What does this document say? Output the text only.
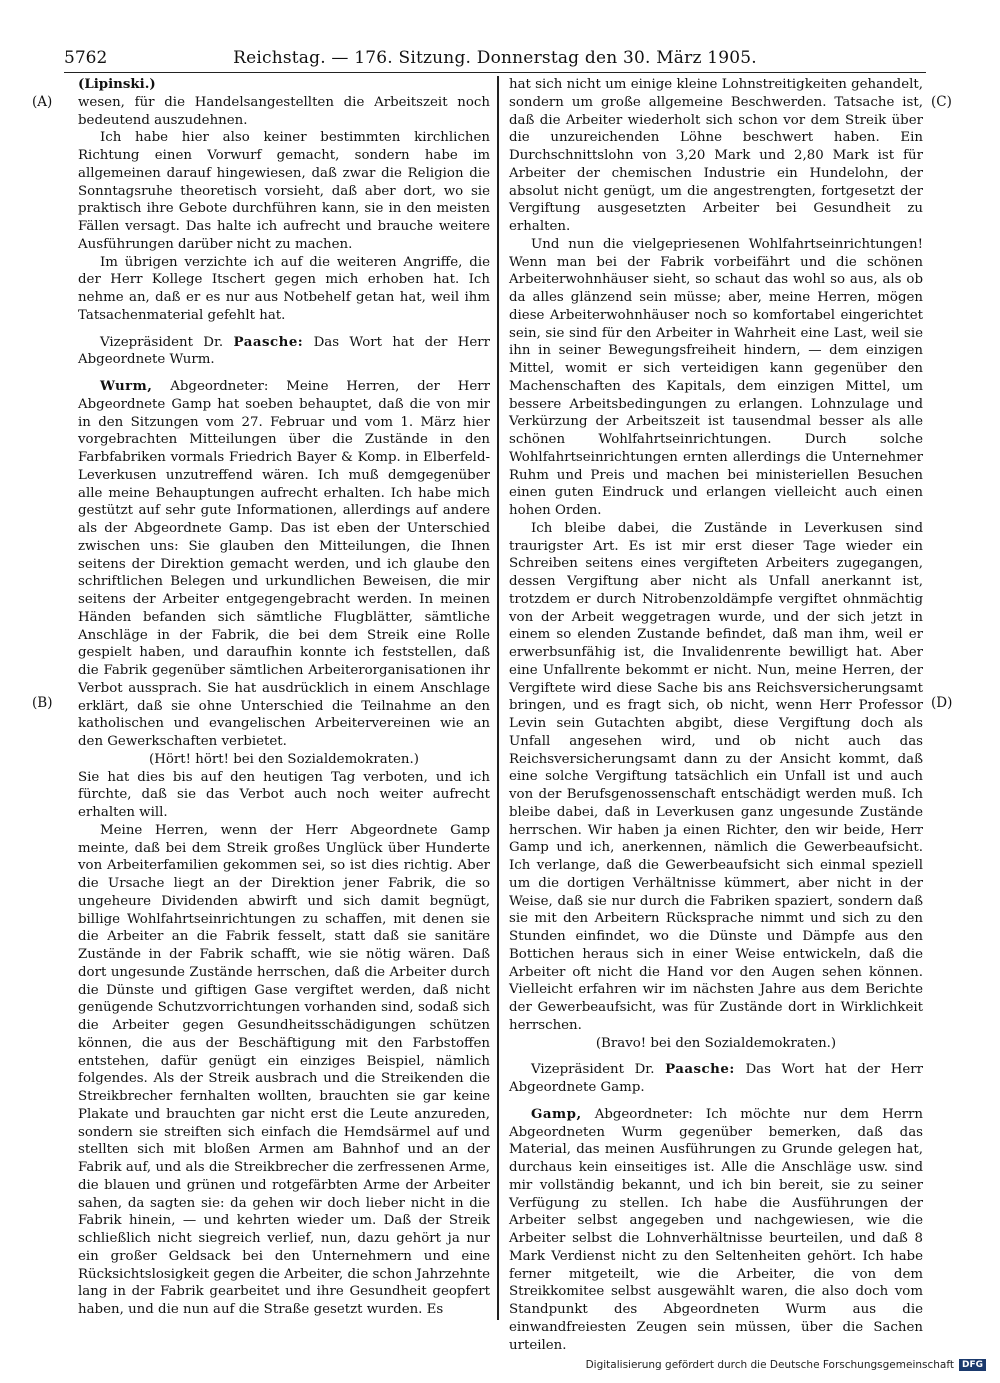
5762	Reichstag. — 176. Sitzung. Donnerstag den 30. März 1905.
(A)
(B)
(C)
(D)

(Lipinski.)

wesen, für die Handelsangestellten die Arbeitszeit noch bedeutend auszudehnen.

Ich habe hier also keiner bestimmten kirchlichen Richtung einen Vorwurf gemacht, sondern habe im allgemeinen darauf hingewiesen, daß zwar die Religion die Sonntagsruhe theoretisch vorsieht, daß aber dort, wo sie praktisch ihre Gebote durchführen kann, sie in den meisten Fällen versagt. Das halte ich aufrecht und brauche weitere Ausführungen darüber nicht zu machen.

Im übrigen verzichte ich auf die weiteren Angriffe, die der Herr Kollege Itschert gegen mich erhoben hat. Ich nehme an, daß er es nur aus Notbehelf getan hat, weil ihm Tatsachenmaterial gefehlt hat.

Vizepräsident Dr. Paasche: Das Wort hat der Herr Abgeordnete Wurm.

Wurm, Abgeordneter: Meine Herren, der Herr Abgeordnete Gamp hat soeben behauptet, daß die von mir in den Sitzungen vom 27. Februar und vom 1. März hier vorgebrachten Mitteilungen über die Zustände in den Farbfabriken vormals Friedrich Bayer & Komp. in Elberfeld-Leverkusen unzutreffend wären. Ich muß demgegenüber alle meine Behauptungen aufrecht erhalten. Ich habe mich gestützt auf sehr gute Informationen, allerdings auf andere als der Abgeordnete Gamp. Das ist eben der Unterschied zwischen uns: Sie glauben den Mitteilungen, die Ihnen seitens der Direktion gemacht werden, und ich glaube den schriftlichen Belegen und urkundlichen Beweisen, die mir seitens der Arbeiter entgegengebracht werden. In meinen Händen befanden sich sämtliche Flugblätter, sämtliche Anschläge in der Fabrik, die bei dem Streik eine Rolle gespielt haben, und daraufhin konnte ich feststellen, daß die Fabrik gegenüber sämtlichen Arbeiterorganisationen ihr Verbot aussprach. Sie hat ausdrücklich in einem Anschlage erklärt, daß sie ohne Unterschied die Teilnahme an den katholischen und evangelischen Arbeitervereinen wie an den Gewerkschaften verbietet.

(Hört! hört! bei den Sozialdemokraten.)

Sie hat dies bis auf den heutigen Tag verboten, und ich fürchte, daß sie das Verbot auch noch weiter aufrecht erhalten will.

Meine Herren, wenn der Herr Abgeordnete Gamp meinte, daß bei dem Streik großes Unglück über Hunderte von Arbeiterfamilien gekommen sei, so ist dies richtig. Aber die Ursache liegt an der Direktion jener Fabrik, die so ungeheure Dividenden abwirft und sich damit begnügt, billige Wohlfahrtseinrichtungen zu schaffen, mit denen sie die Arbeiter an die Fabrik fesselt, statt daß sie sanitäre Zustände in der Fabrik schafft, wie sie nötig wären. Daß dort ungesunde Zustände herrschen, daß die Arbeiter durch die Dünste und giftigen Gase vergiftet werden, daß nicht genügende Schutzvorrichtungen vorhanden sind, sodaß sich die Arbeiter gegen Gesundheitsschädigungen schützen können, die aus der Beschäftigung mit den Farbstoffen entstehen, dafür genügt ein einziges Beispiel, nämlich folgendes. Als der Streik ausbrach und die Streikenden die Streikbrecher fernhalten wollten, brauchten sie gar keine Plakate und brauchten gar nicht erst die Leute anzureden, sondern sie streiften sich einfach die Hemdsärmel auf und stellten sich mit bloßen Armen am Bahnhof und an der Fabrik auf, und als die Streikbrecher die zerfressenen Arme, die blauen und grünen und rotgefärbten Arme der Arbeiter sahen, da sagten sie: da gehen wir doch lieber nicht in die Fabrik hinein, — und kehrten wieder um. Daß der Streik schließlich nicht siegreich verlief, nun, dazu gehört ja nur ein großer Geldsack bei den Unternehmern und eine Rücksichtslosigkeit gegen die Arbeiter, die schon Jahrzehnte lang in der Fabrik gearbeitet und ihre Gesundheit geopfert haben, und die nun auf die Straße gesetzt wurden. Es

hat sich nicht um einige kleine Lohnstreitigkeiten gehandelt, sondern um große allgemeine Beschwerden. Tatsache ist, daß die Arbeiter wiederholt sich schon vor dem Streik über die unzureichenden Löhne beschwert haben. Ein Durchschnittslohn von 3,20 Mark und 2,80 Mark ist für Arbeiter der chemischen Industrie ein Hundelohn, der absolut nicht genügt, um die angestrengten, fortgesetzt der Vergiftung ausgesetzten Arbeiter bei Gesundheit zu erhalten.

Und nun die vielgepriesenen Wohlfahrtseinrichtungen! Wenn man bei der Fabrik vorbeifährt und die schönen Arbeiterwohnhäuser sieht, so schaut das wohl so aus, als ob da alles glänzend sein müsse; aber, meine Herren, mögen diese Arbeiterwohnhäuser noch so komfortabel eingerichtet sein, sie sind für den Arbeiter in Wahrheit eine Last, weil sie ihn in seiner Bewegungsfreiheit hindern, — dem einzigen Mittel, womit er sich verteidigen kann gegenüber den Machenschaften des Kapitals, dem einzigen Mittel, um bessere Arbeitsbedingungen zu erlangen. Lohnzulage und Verkürzung der Arbeitszeit ist tausendmal besser als alle schönen Wohlfahrtseinrichtungen. Durch solche Wohlfahrtseinrichtungen ernten allerdings die Unternehmer Ruhm und Preis und machen bei ministeriellen Besuchen einen guten Eindruck und erlangen vielleicht auch einen hohen Orden.

Ich bleibe dabei, die Zustände in Leverkusen sind traurigster Art. Es ist mir erst dieser Tage wieder ein Schreiben seitens eines vergifteten Arbeiters zugegangen, dessen Vergiftung aber nicht als Unfall anerkannt ist, trotzdem er durch Nitrobenzoldämpfe vergiftet ohnmächtig von der Arbeit weggetragen wurde, und der sich jetzt in einem so elenden Zustande befindet, daß man ihm, weil er erwerbsunfähig ist, die Invalidenrente bewilligt hat. Aber eine Unfallrente bekommt er nicht. Nun, meine Herren, der Vergiftete wird diese Sache bis ans Reichsversicherungsamt bringen, und es fragt sich, ob nicht, wenn Herr Professor Levin sein Gutachten abgibt, diese Vergiftung doch als Unfall angesehen wird, und ob nicht auch das Reichsversicherungsamt dann zu der Ansicht kommt, daß eine solche Vergiftung tatsächlich ein Unfall ist und auch von der Berufsgenossenschaft entschädigt werden muß. Ich bleibe dabei, daß in Leverkusen ganz ungesunde Zustände herrschen. Wir haben ja einen Richter, den wir beide, Herr Gamp und ich, anerkennen, nämlich die Gewerbeaufsicht. Ich verlange, daß die Gewerbeaufsicht sich einmal speziell um die dortigen Verhältnisse kümmert, aber nicht in der Weise, daß sie nur durch die Fabriken spaziert, sondern daß sie mit den Arbeitern Rücksprache nimmt und sich zu den Stunden einfindet, wo die Dünste und Dämpfe aus den Bottichen heraus sich in einer Weise entwickeln, daß die Arbeiter oft nicht die Hand vor den Augen sehen können. Vielleicht erfahren wir im nächsten Jahre aus dem Berichte der Gewerbeaufsicht, was für Zustände dort in Wirklichkeit herrschen.

(Bravo! bei den Sozialdemokraten.)

Vizepräsident Dr. Paasche: Das Wort hat der Herr Abgeordnete Gamp.

Gamp, Abgeordneter: Ich möchte nur dem Herrn Abgeordneten Wurm gegenüber bemerken, daß das Material, das meinen Ausführungen zu Grunde gelegen hat, durchaus kein einseitiges ist. Alle die Anschläge usw. sind mir vollständig bekannt, und ich bin bereit, sie zu seiner Verfügung zu stellen. Ich habe die Ausführungen der Arbeiter selbst angegeben und nachgewiesen, wie die Arbeiter selbst die Lohnverhältnisse beurteilen, und daß 8 Mark Verdienst nicht zu den Seltenheiten gehört. Ich habe ferner mitgeteilt, wie die Arbeiter, die von dem Streikkomitee selbst ausgewählt waren, die also doch vom Standpunkt des Abgeordneten Wurm aus die einwandfreiesten Zeugen sein müssen, über die Sachen urteilen.

Digitalisierung gefördert durch die Deutsche Forschungsgemeinschaft DFG
